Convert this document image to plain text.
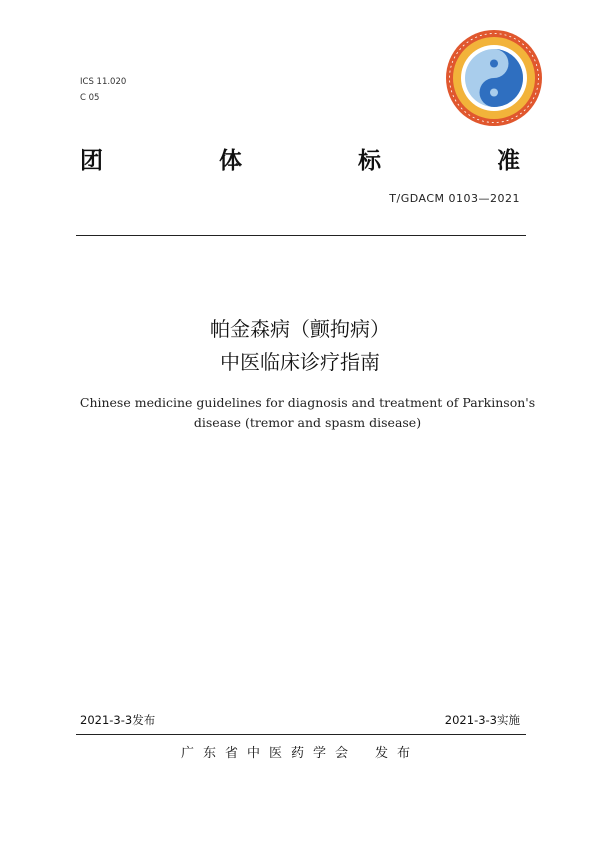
ICS 11.020
C 05
团	体	标	准
T/GDACM 0103—2021
帕金森病（颤拘病）
中医临床诊疗指南
Chinese medicine guidelines for diagnosis and treatment of Parkinson's
disease (tremor and spasm disease)
2021-3-3发布	2021-3-3实施
广东省中医药学会 发布
